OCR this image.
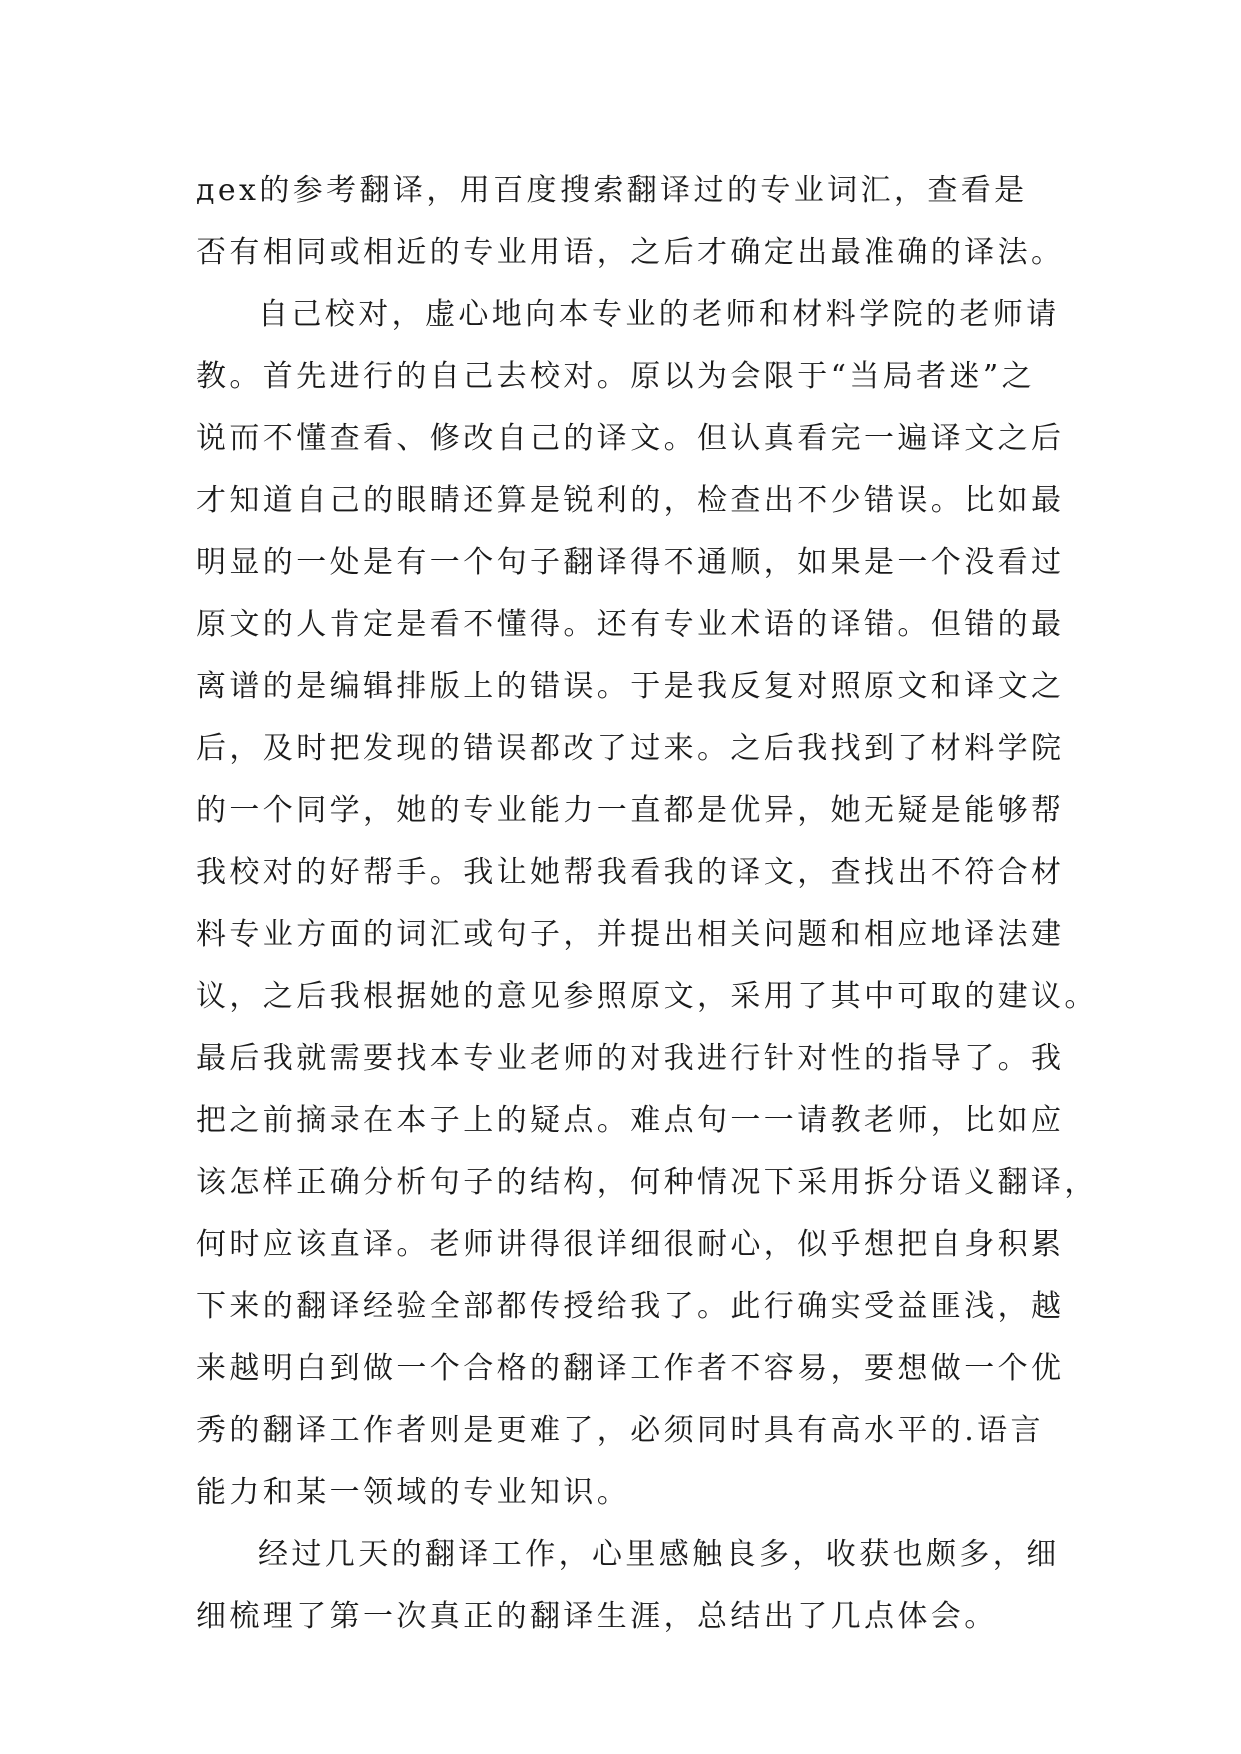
дex的参考翻译，用百度搜索翻译过的专业词汇，查看是
否有相同或相近的专业用语，之后才确定出最准确的译法。
自己校对，虚心地向本专业的老师和材料学院的老师请
教。首先进行的自己去校对。原以为会限于“当局者迷”之
说而不懂查看、修改自己的译文。但认真看完一遍译文之后
才知道自己的眼睛还算是锐利的，检查出不少错误。比如最
明显的一处是有一个句子翻译得不通顺，如果是一个没看过
原文的人肯定是看不懂得。还有专业术语的译错。但错的最
离谱的是编辑排版上的错误。于是我反复对照原文和译文之
后，及时把发现的错误都改了过来。之后我找到了材料学院
的一个同学，她的专业能力一直都是优异，她无疑是能够帮
我校对的好帮手。我让她帮我看我的译文，查找出不符合材
料专业方面的词汇或句子，并提出相关问题和相应地译法建
议，之后我根据她的意见参照原文，采用了其中可取的建议。
最后我就需要找本专业老师的对我进行针对性的指导了。我
把之前摘录在本子上的疑点。难点句一一请教老师，比如应
该怎样正确分析句子的结构，何种情况下采用拆分语义翻译，
何时应该直译。老师讲得很详细很耐心，似乎想把自身积累
下来的翻译经验全部都传授给我了。此行确实受益匪浅，越
来越明白到做一个合格的翻译工作者不容易，要想做一个优
秀的翻译工作者则是更难了，必须同时具有高水平的.语言
能力和某一领域的专业知识。
经过几天的翻译工作，心里感触良多，收获也颇多，细
细梳理了第一次真正的翻译生涯，总结出了几点体会。
